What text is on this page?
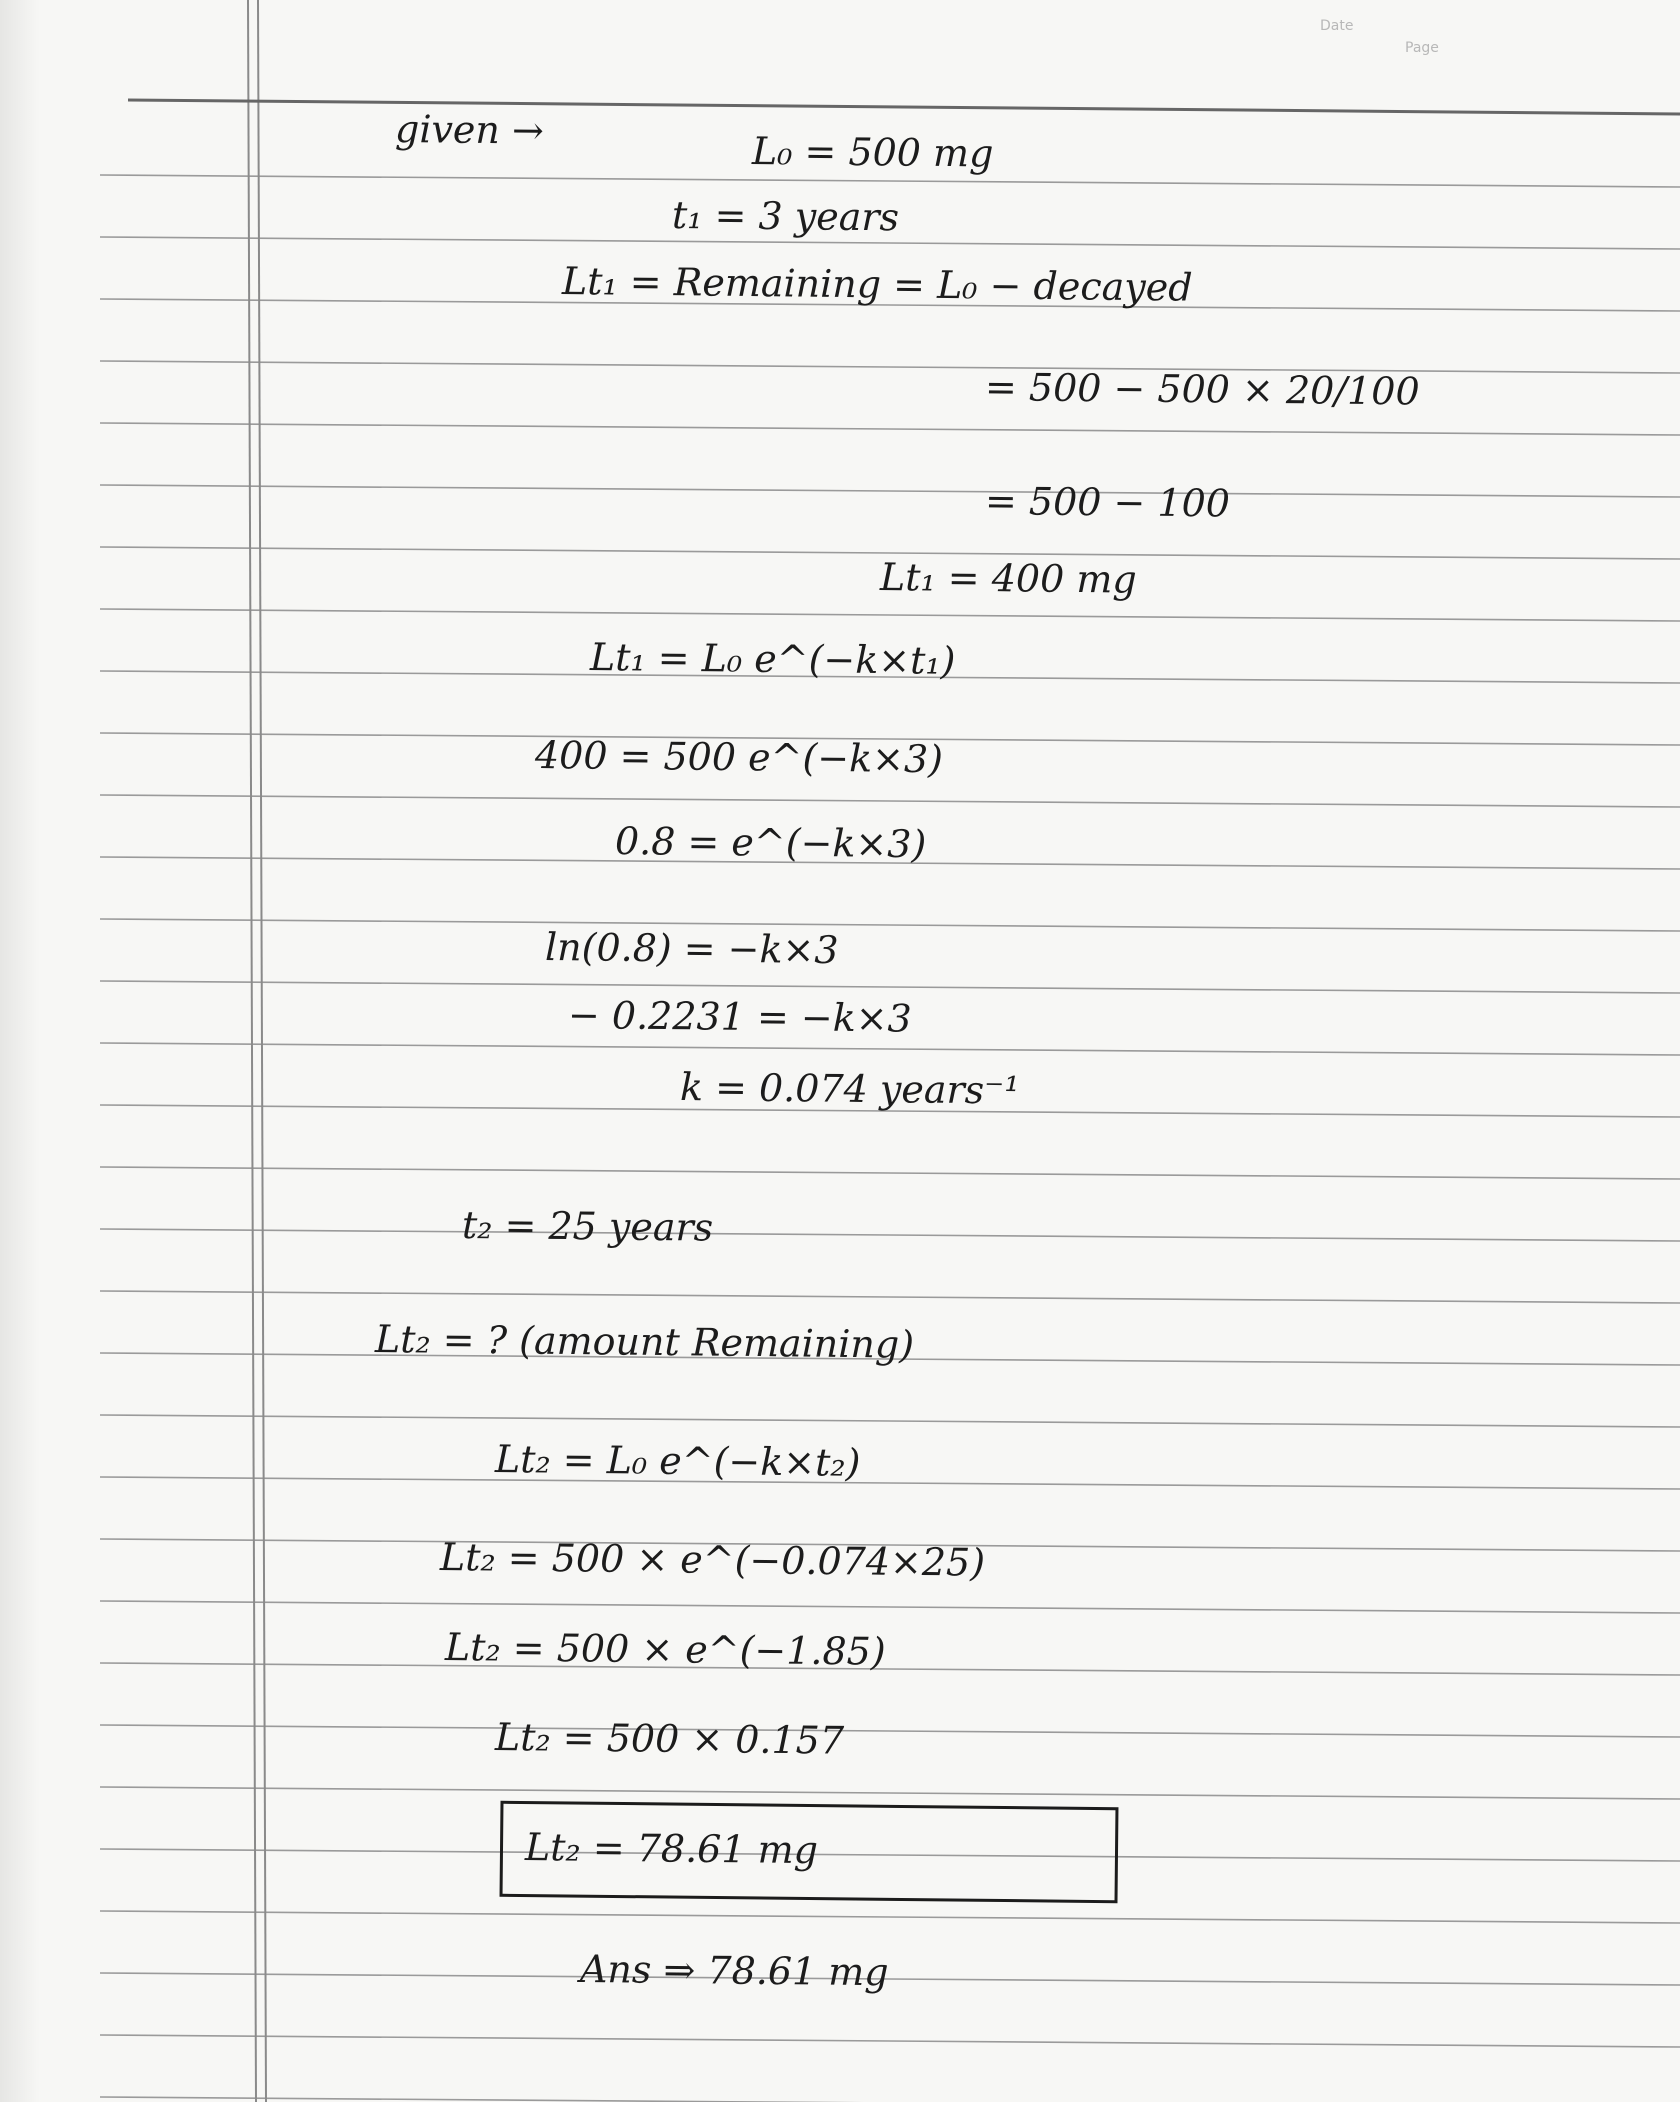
Date
Page
given →	L₀ = 500 mg
t₁ = 3 years
Lt₁ = Remaining = L₀ − decayed
= 500 − 500 × 20/100
= 500 − 100
Lt₁ = 400 mg
Lt₁ = L₀ e^(−k×t₁)
400 = 500 e^(−k×3)
0.8 = e^(−k×3)
ln(0.8) = −k×3
− 0.2231 = −k×3
k = 0.074 years⁻¹
t₂ = 25 years
Lt₂ = ? (amount Remaining)
Lt₂ = L₀ e^(−k×t₂)
Lt₂ = 500 × e^(−0.074×25)
Lt₂ = 500 × e^(−1.85)
Lt₂ = 500 × 0.157
Lt₂ = 78.61 mg
Ans ⇒ 78.61 mg
